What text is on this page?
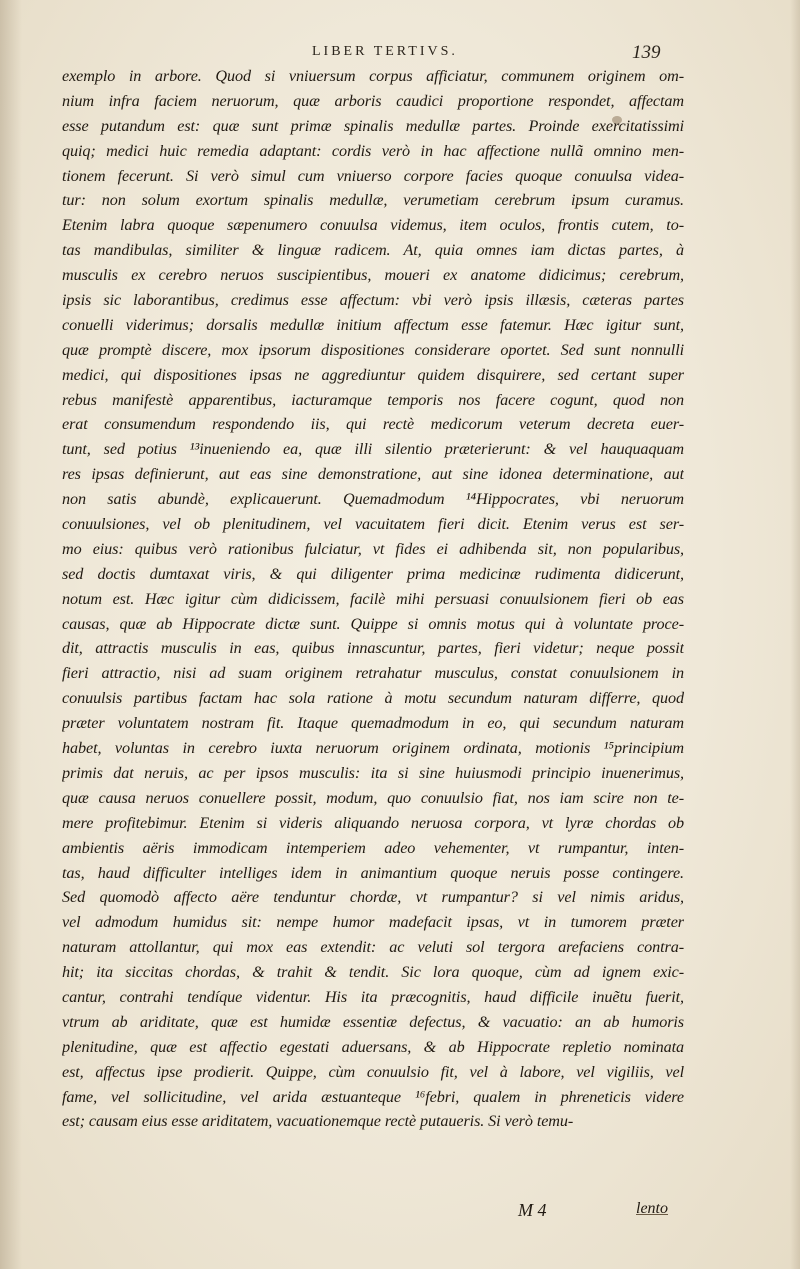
LIBER TERTIVS.	139
exemplo in arbore. Quod si vniuersum corpus afficiatur, communem originem om-
nium infra faciem neruorum, quæ arboris caudici proportione respondet, affectam
esse putandum est: quæ sunt primæ spinalis medullæ partes. Proinde exercitatissimi
quiq; medici huic remedia adaptant: cordis verò in hac affectione nullã omnino men-
tionem fecerunt. Si verò simul cum vniuerso corpore facies quoque conuulsa videa-
tur: non solum exortum spinalis medullæ, verumetiam cerebrum ipsum curamus.
Etenim labra quoque sæpenumero conuulsa videmus, item oculos, frontis cutem, to-
tas mandibulas, similiter & linguæ radicem. At, quia omnes iam dictas partes, à
musculis ex cerebro neruos suscipientibus, moueri ex anatome didicimus; cerebrum,
ipsis sic laborantibus, credimus esse affectum: vbi verò ipsis illæsis, cæteras partes
conuelli viderimus; dorsalis medullæ initium affectum esse fatemur. Hæc igitur sunt,
quæ promptè discere, mox ipsorum dispositiones considerare oportet. Sed sunt nonnulli
medici, qui dispositiones ipsas ne aggrediuntur quidem disquirere, sed certant super
rebus manifestè apparentibus, iacturamque temporis nos facere cogunt, quod non
erat consumendum respondendo iis, qui rectè medicorum veterum decreta euer-
tunt, sed potius ¹³inueniendo ea, quæ illi silentio præterierunt: & vel hauquaquam
res ipsas definierunt, aut eas sine demonstratione, aut sine idonea determinatione, aut
non satis abundè, explicauerunt. Quemadmodum ¹⁴Hippocrates, vbi neruorum
conuulsiones, vel ob plenitudinem, vel vacuitatem fieri dicit. Etenim verus est ser-
mo eius: quibus verò rationibus fulciatur, vt fides ei adhibenda sit, non popularibus,
sed doctis dumtaxat viris, & qui diligenter prima medicinæ rudimenta didicerunt,
notum est. Hæc igitur cùm didicissem, facilè mihi persuasi conuulsionem fieri ob eas
causas, quæ ab Hippocrate dictæ sunt. Quippe si omnis motus qui à voluntate proce-
dit, attractis musculis in eas, quibus innascuntur, partes, fieri videtur; neque possit
fieri attractio, nisi ad suam originem retrahatur musculus, constat conuulsionem in
conuulsis partibus factam hac sola ratione à motu secundum naturam differre, quod
præter voluntatem nostram fit. Itaque quemadmodum in eo, qui secundum naturam
habet, voluntas in cerebro iuxta neruorum originem ordinata, motionis ¹⁵principium
primis dat neruis, ac per ipsos musculis: ita si sine huiusmodi principio inuenerimus,
quæ causa neruos conuellere possit, modum, quo conuulsio fiat, nos iam scire non te-
mere profitebimur. Etenim si videris aliquando neruosa corpora, vt lyræ chordas ob
ambientis aëris immodicam intemperiem adeo vehementer, vt rumpantur, inten-
tas, haud difficulter intelliges idem in animantium quoque neruis posse contingere.
Sed quomodò affecto aëre tenduntur chordæ, vt rumpantur? si vel nimis aridus,
vel admodum humidus sit: nempe humor madefacit ipsas, vt in tumorem præter
naturam attollantur, qui mox eas extendit: ac veluti sol tergora arefaciens contra-
hit; ita siccitas chordas, & trahit & tendit. Sic lora quoque, cùm ad ignem exic-
cantur, contrahi tendíque videntur. His ita præcognitis, haud difficile inuẽtu fuerit,
vtrum ab ariditate, quæ est humidæ essentiæ defectus, & vacuatio: an ab humoris
plenitudine, quæ est affectio egestati aduersans, & ab Hippocrate repletio nominata
est, affectus ipse prodierit. Quippe, cùm conuulsio fit, vel à labore, vel vigiliis, vel
fame, vel sollicitudine, vel arida æstuanteque ¹⁶febri, qualem in phreneticis videre
est; causam eius esse ariditatem, vacuationemque rectè putaueris. Si verò temu-
M 4	lento
